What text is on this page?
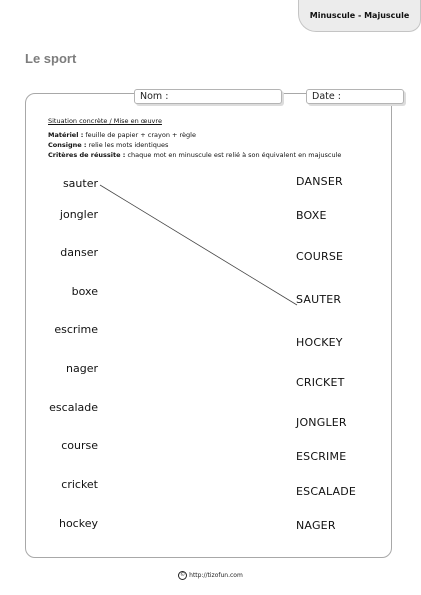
Minuscule - Majuscule
Le sport
Nom :	Date :
Situation concrète / Mise en œuvre
Matériel : feuille de papier + crayon + règle
Consigne : relie les mots identiques
Critères de réussite : chaque mot en minuscule est relié à son équivalent en majuscule
sauter
jongler
danser
boxe
escrime
nager
escalade
course
cricket
hockey
DANSER
BOXE
COURSE
SAUTER
HOCKEY
CRICKET
JONGLER
ESCRIME
ESCALADE
NAGER
© http://tizofun.com
